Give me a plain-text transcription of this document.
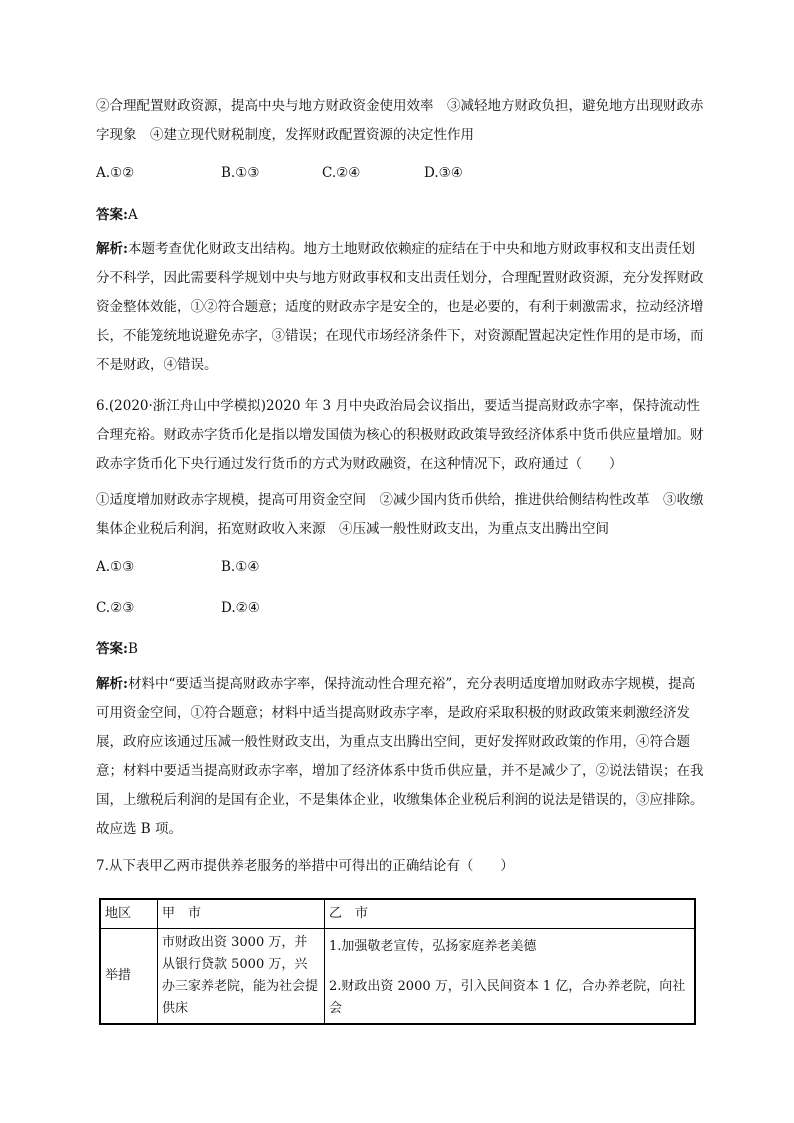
②合理配置财政资源，提高中央与地方财政资金使用效率　③减轻地方财政负担，避免地方出现财政赤字现象　④建立现代财税制度，发挥财政配置资源的决定性作用

A.①②	B.①③	C.②④	D.③④
答案:A

解析:本题考查优化财政支出结构。地方土地财政依赖症的症结在于中央和地方财政事权和支出责任划分不科学，因此需要科学规划中央与地方财政事权和支出责任划分，合理配置财政资源，充分发挥财政资金整体效能，①②符合题意；适度的财政赤字是安全的，也是必要的，有利于刺激需求，拉动经济增长，不能笼统地说避免赤字，③错误；在现代市场经济条件下，对资源配置起决定性作用的是市场，而不是财政，④错误。

6.(2020·浙江舟山中学模拟)2020 年 3 月中央政治局会议指出，要适当提高财政赤字率，保持流动性合理充裕。财政赤字货币化是指以增发国债为核心的积极财政政策导致经济体系中货币供应量增加。财政赤字货币化下央行通过发行货币的方式为财政融资，在这种情况下，政府通过（　　）

①适度增加财政赤字规模，提高可用资金空间　②减少国内货币供给，推进供给侧结构性改革　③收缴集体企业税后利润，拓宽财政收入来源　④压减一般性财政支出，为重点支出腾出空间

A.①③	B.①④
C.②③	D.②④
答案:B

解析:材料中“要适当提高财政赤字率，保持流动性合理充裕”，充分表明适度增加财政赤字规模，提高可用资金空间，①符合题意；材料中适当提高财政赤字率，是政府采取积极的财政政策来刺激经济发展，政府应该通过压减一般性财政支出，为重点支出腾出空间，更好发挥财政政策的作用，④符合题意；材料中要适当提高财政赤字率，增加了经济体系中货币供应量，并不是减少了，②说法错误；在我国，上缴税后利润的是国有企业，不是集体企业，收缴集体企业税后利润的说法是错误的，③应排除。故应选 B 项。

7.从下表甲乙两市提供养老服务的举措中可得出的正确结论有（　　）

地区	甲　市	乙　市
举措	市财政出资 3000 万，并从银行贷款 5000 万，兴办三家养老院，能为社会提供床	1.加强敬老宣传，弘扬家庭养老美德
2.财政出资 2000 万，引入民间资本 1 亿，合办养老院，向社会
